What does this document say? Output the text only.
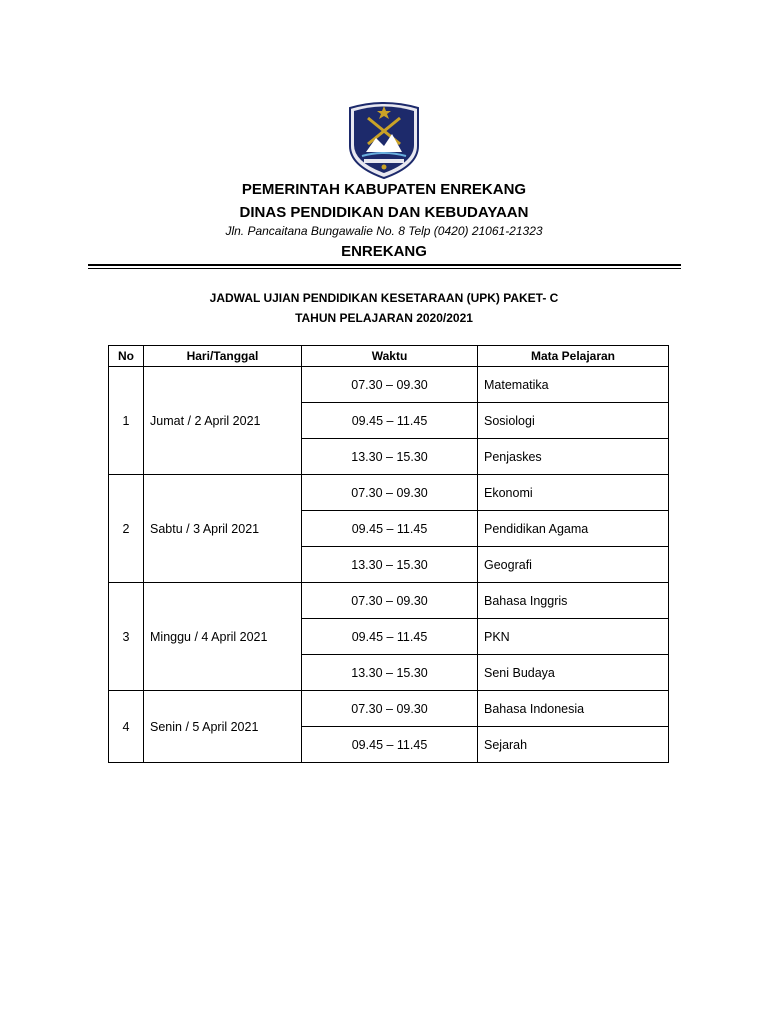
PEMERINTAH KABUPATEN ENREKANG
DINAS PENDIDIKAN DAN KEBUDAYAAN
Jln. Pancaitana Bungawalie No. 8 Telp (0420) 21061-21323
ENREKANG
JADWAL UJIAN PENDIDIKAN KESETARAAN (UPK) PAKET- C
TAHUN PELAJARAN 2020/2021
No	Hari/Tanggal	Waktu	Mata Pelajaran
1	Jumat / 2 April 2021	07.30 – 09.30	Matematika
		09.45 – 11.45	Sosiologi
		13.30 – 15.30	Penjaskes
2	Sabtu / 3 April 2021	07.30 – 09.30	Ekonomi
		09.45 – 11.45	Pendidikan Agama
		13.30 – 15.30	Geografi
3	Minggu / 4 April 2021	07.30 – 09.30	Bahasa Inggris
		09.45 – 11.45	PKN
		13.30 – 15.30	Seni Budaya
4	Senin / 5 April 2021	07.30 – 09.30	Bahasa Indonesia
		09.45 – 11.45	Sejarah
